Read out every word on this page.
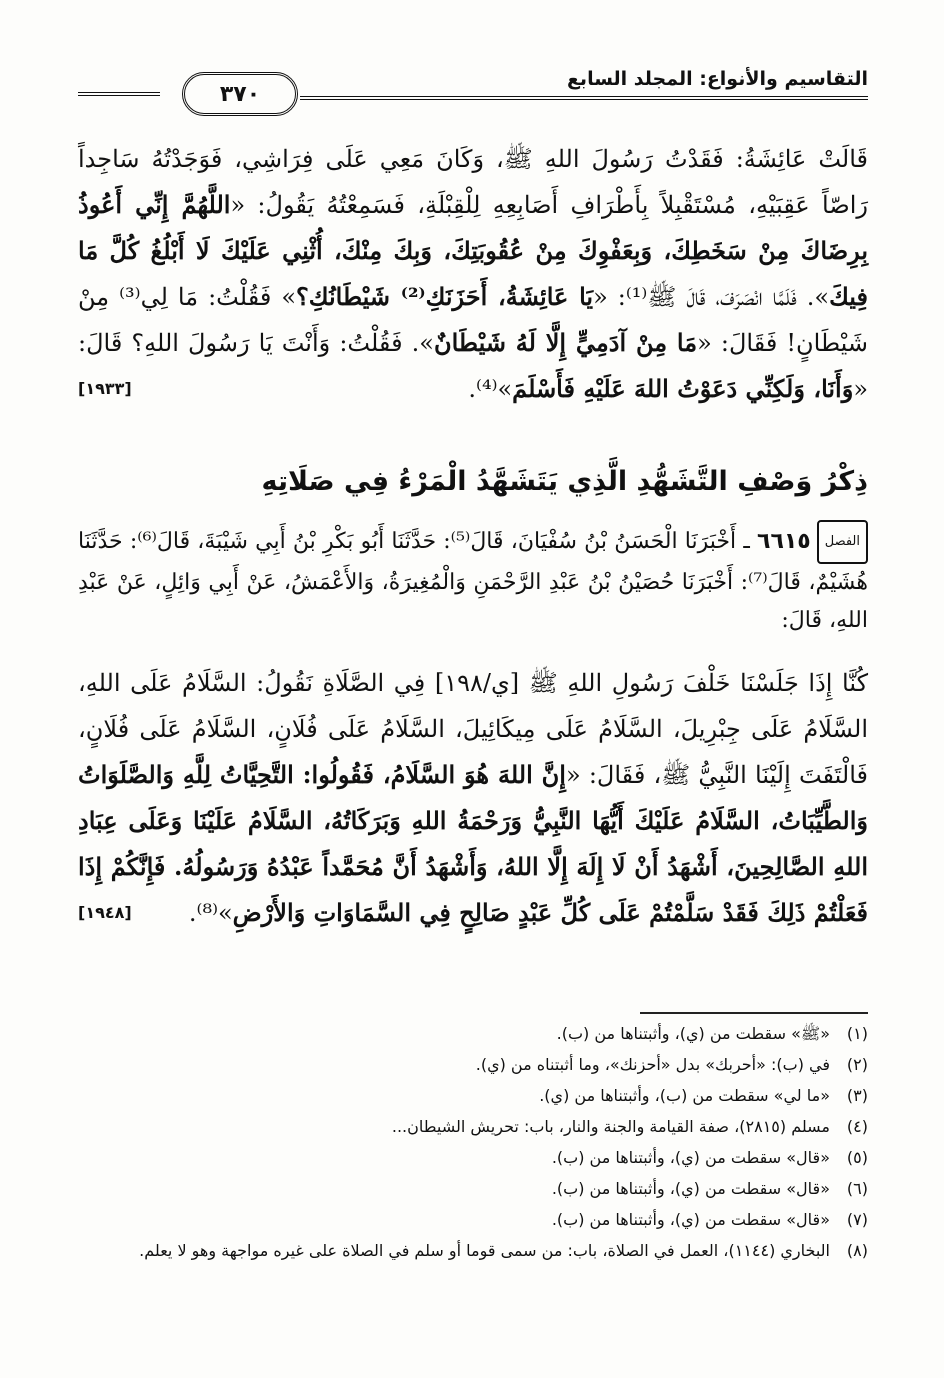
التقاسيم والأنواع: المجلد السابع
٣٧٠

قَالَتْ عَائِشَةُ: فَقَدْتُ رَسُولَ اللهِ ﷺ، وَكَانَ مَعِي عَلَى فِرَاشِي، فَوَجَدْتُهُ سَاجِداً رَاصّاً عَقِبَيْهِ، مُسْتَقْبِلاً بِأَطْرَافِ أَصَابِعِهِ لِلْقِبْلَةِ، فَسَمِعْتُهُ يَقُولُ: «اللَّهُمَّ إِنِّي أَعُوذُ بِرِضَاكَ مِنْ سَخَطِكَ، وَبِعَفْوِكَ مِنْ عُقُوبَتِكَ، وَبِكَ مِنْكَ، أُثْنِي عَلَيْكَ لَا أَبْلُغُ كُلَّ مَا فِيكَ». فَلَمَّا انْصَرَفَ، قَالَ ﷺ⁽¹⁾: «يَا عَائِشَةُ، أَحَزَنَكِ⁽²⁾ شَيْطَانُكِ؟» فَقُلْتُ: مَا لِي⁽³⁾ مِنْ شَيْطَانٍ! فَقَالَ: «مَا مِنْ آدَمِيٍّ إِلَّا لَهُ شَيْطَانٌ». فَقُلْتُ: وَأَنْتَ يَا رَسُولَ اللهِ؟ قَالَ: «وَأَنَا، وَلَكِنِّي دَعَوْتُ اللهَ عَلَيْهِ فَأَسْلَمَ»⁽⁴⁾.
[١٩٣٣]

ذِكْرُ وَصْفِ التَّشَهُّدِ الَّذِي يَتَشَهَّدُ الْمَرْءُ فِي صَلَاتِهِ

الفصل٦٦١٥ ـ أَخْبَرَنَا الْحَسَنُ بْنُ سُفْيَانَ، قَالَ⁽⁵⁾: حَدَّثَنَا أَبُو بَكْرِ بْنُ أَبِي شَيْبَةَ، قَالَ⁽⁶⁾: حَدَّثَنَا هُشَيْمٌ، قَالَ⁽⁷⁾: أَخْبَرَنَا حُصَيْنُ بْنُ عَبْدِ الرَّحْمَنِ وَالْمُغِيرَةُ، وَالأَعْمَشُ، عَنْ أَبِي وَائِلٍ، عَنْ عَبْدِ اللهِ، قَالَ:

كُنَّا إِذَا جَلَسْنَا خَلْفَ رَسُولِ اللهِ ﷺ [ي/١٩٨] فِي الصَّلَاةِ نَقُولُ: السَّلَامُ عَلَى اللهِ، السَّلَامُ عَلَى جِبْرِيلَ، السَّلَامُ عَلَى مِيكَائِيلَ، السَّلَامُ عَلَى فُلَانٍ، السَّلَامُ عَلَى فُلَانٍ، فَالْتَفَتَ إِلَيْنَا النَّبِيُّ ﷺ، فَقَالَ: «إِنَّ اللهَ هُوَ السَّلَامُ، فَقُولُوا: التَّحِيَّاتُ لِلَّهِ وَالصَّلَوَاتُ وَالطَّيِّبَاتُ، السَّلَامُ عَلَيْكَ أَيُّهَا النَّبِيُّ وَرَحْمَةُ اللهِ وَبَرَكَاتُهُ، السَّلَامُ عَلَيْنَا وَعَلَى عِبَادِ اللهِ الصَّالِحِينَ، أَشْهَدُ أَنْ لَا إِلَهَ إِلَّا اللهُ، وَأَشْهَدُ أَنَّ مُحَمَّداً عَبْدُهُ وَرَسُولُهُ. فَإِنَّكُمْ إِذَا فَعَلْتُمْ ذَلِكَ فَقَدْ سَلَّمْتُمْ عَلَى كُلِّ عَبْدٍ صَالِحٍ فِي السَّمَاوَاتِ وَالأَرْضِ»⁽⁸⁾.
[١٩٤٨]

(١)
«ﷺ» سقطت من (ي)، وأثبتناها من (ب).
(٢)
في (ب): «أحربك» بدل «أحزنك»، وما أثبتناه من (ي).
(٣)
«ما لي» سقطت من (ب)، وأثبتناها من (ي).
(٤)
مسلم (٢٨١٥)، صفة القيامة والجنة والنار، باب: تحريش الشيطان...
(٥)
«قال» سقطت من (ي)، وأثبتناها من (ب).
(٦)
«قال» سقطت من (ي)، وأثبتناها من (ب).
(٧)
«قال» سقطت من (ي)، وأثبتناها من (ب).
(٨)
البخاري (١١٤٤)، العمل في الصلاة، باب: من سمى قوما أو سلم في الصلاة على غيره مواجهة وهو لا يعلم.
